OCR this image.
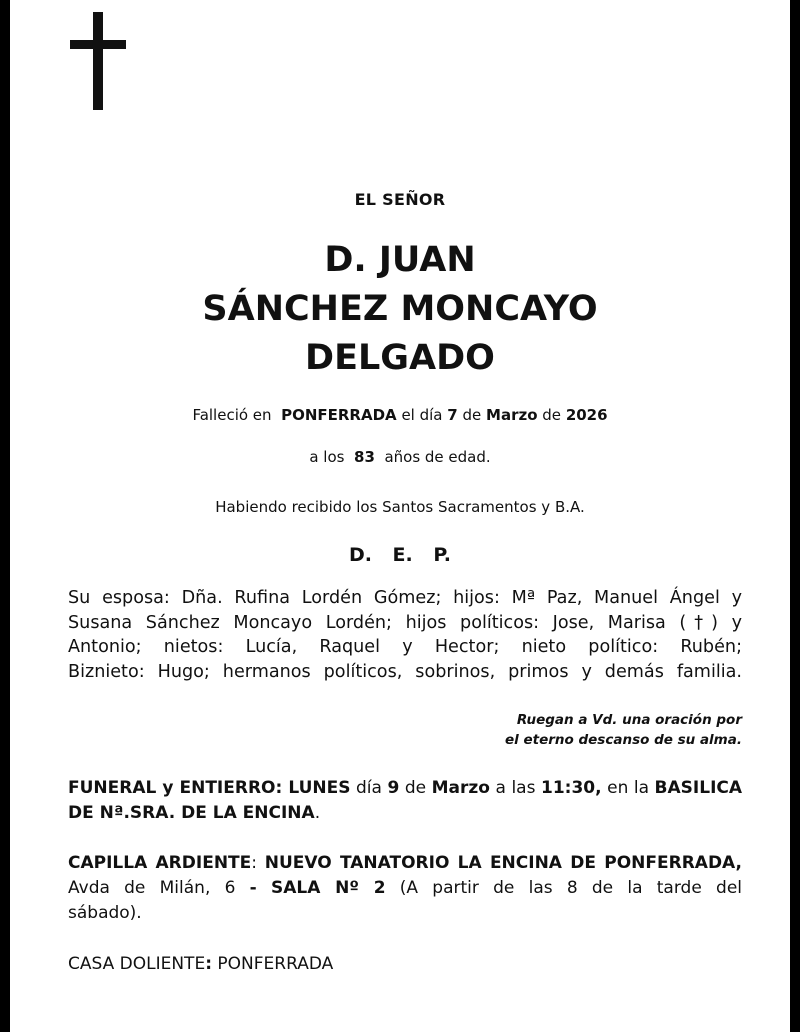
EL SEÑOR
D. JUAN
SÁNCHEZ MONCAYO
DELGADO
Falleció en PONFERRADA el día 7 de Marzo de 2026
a los 83 años de edad.
Habiendo recibido los Santos Sacramentos y B.A.
D. E. P.
Su esposa: Dña. Rufina Lordén Gómez; hijos: Mª Paz, Manuel Ángel y
Susana Sánchez Moncayo Lordén; hijos políticos: Jose, Marisa (†) y
Antonio; nietos: Lucía, Raquel y Hector; nieto político: Rubén;
Biznieto: Hugo; hermanos políticos, sobrinos, primos y demás familia.
Ruegan a Vd. una oración por
el eterno descanso de su alma.
FUNERAL y ENTIERRO: LUNES día 9 de Marzo a las 11:30, en la BASILICA
DE Nª.SRA. DE LA ENCINA.
CAPILLA ARDIENTE: NUEVO TANATORIO LA ENCINA DE PONFERRADA,
Avda de Milán, 6 - SALA Nº 2 (A partir de las 8 de la tarde del
sábado).
CASA DOLIENTE: PONFERRADA
